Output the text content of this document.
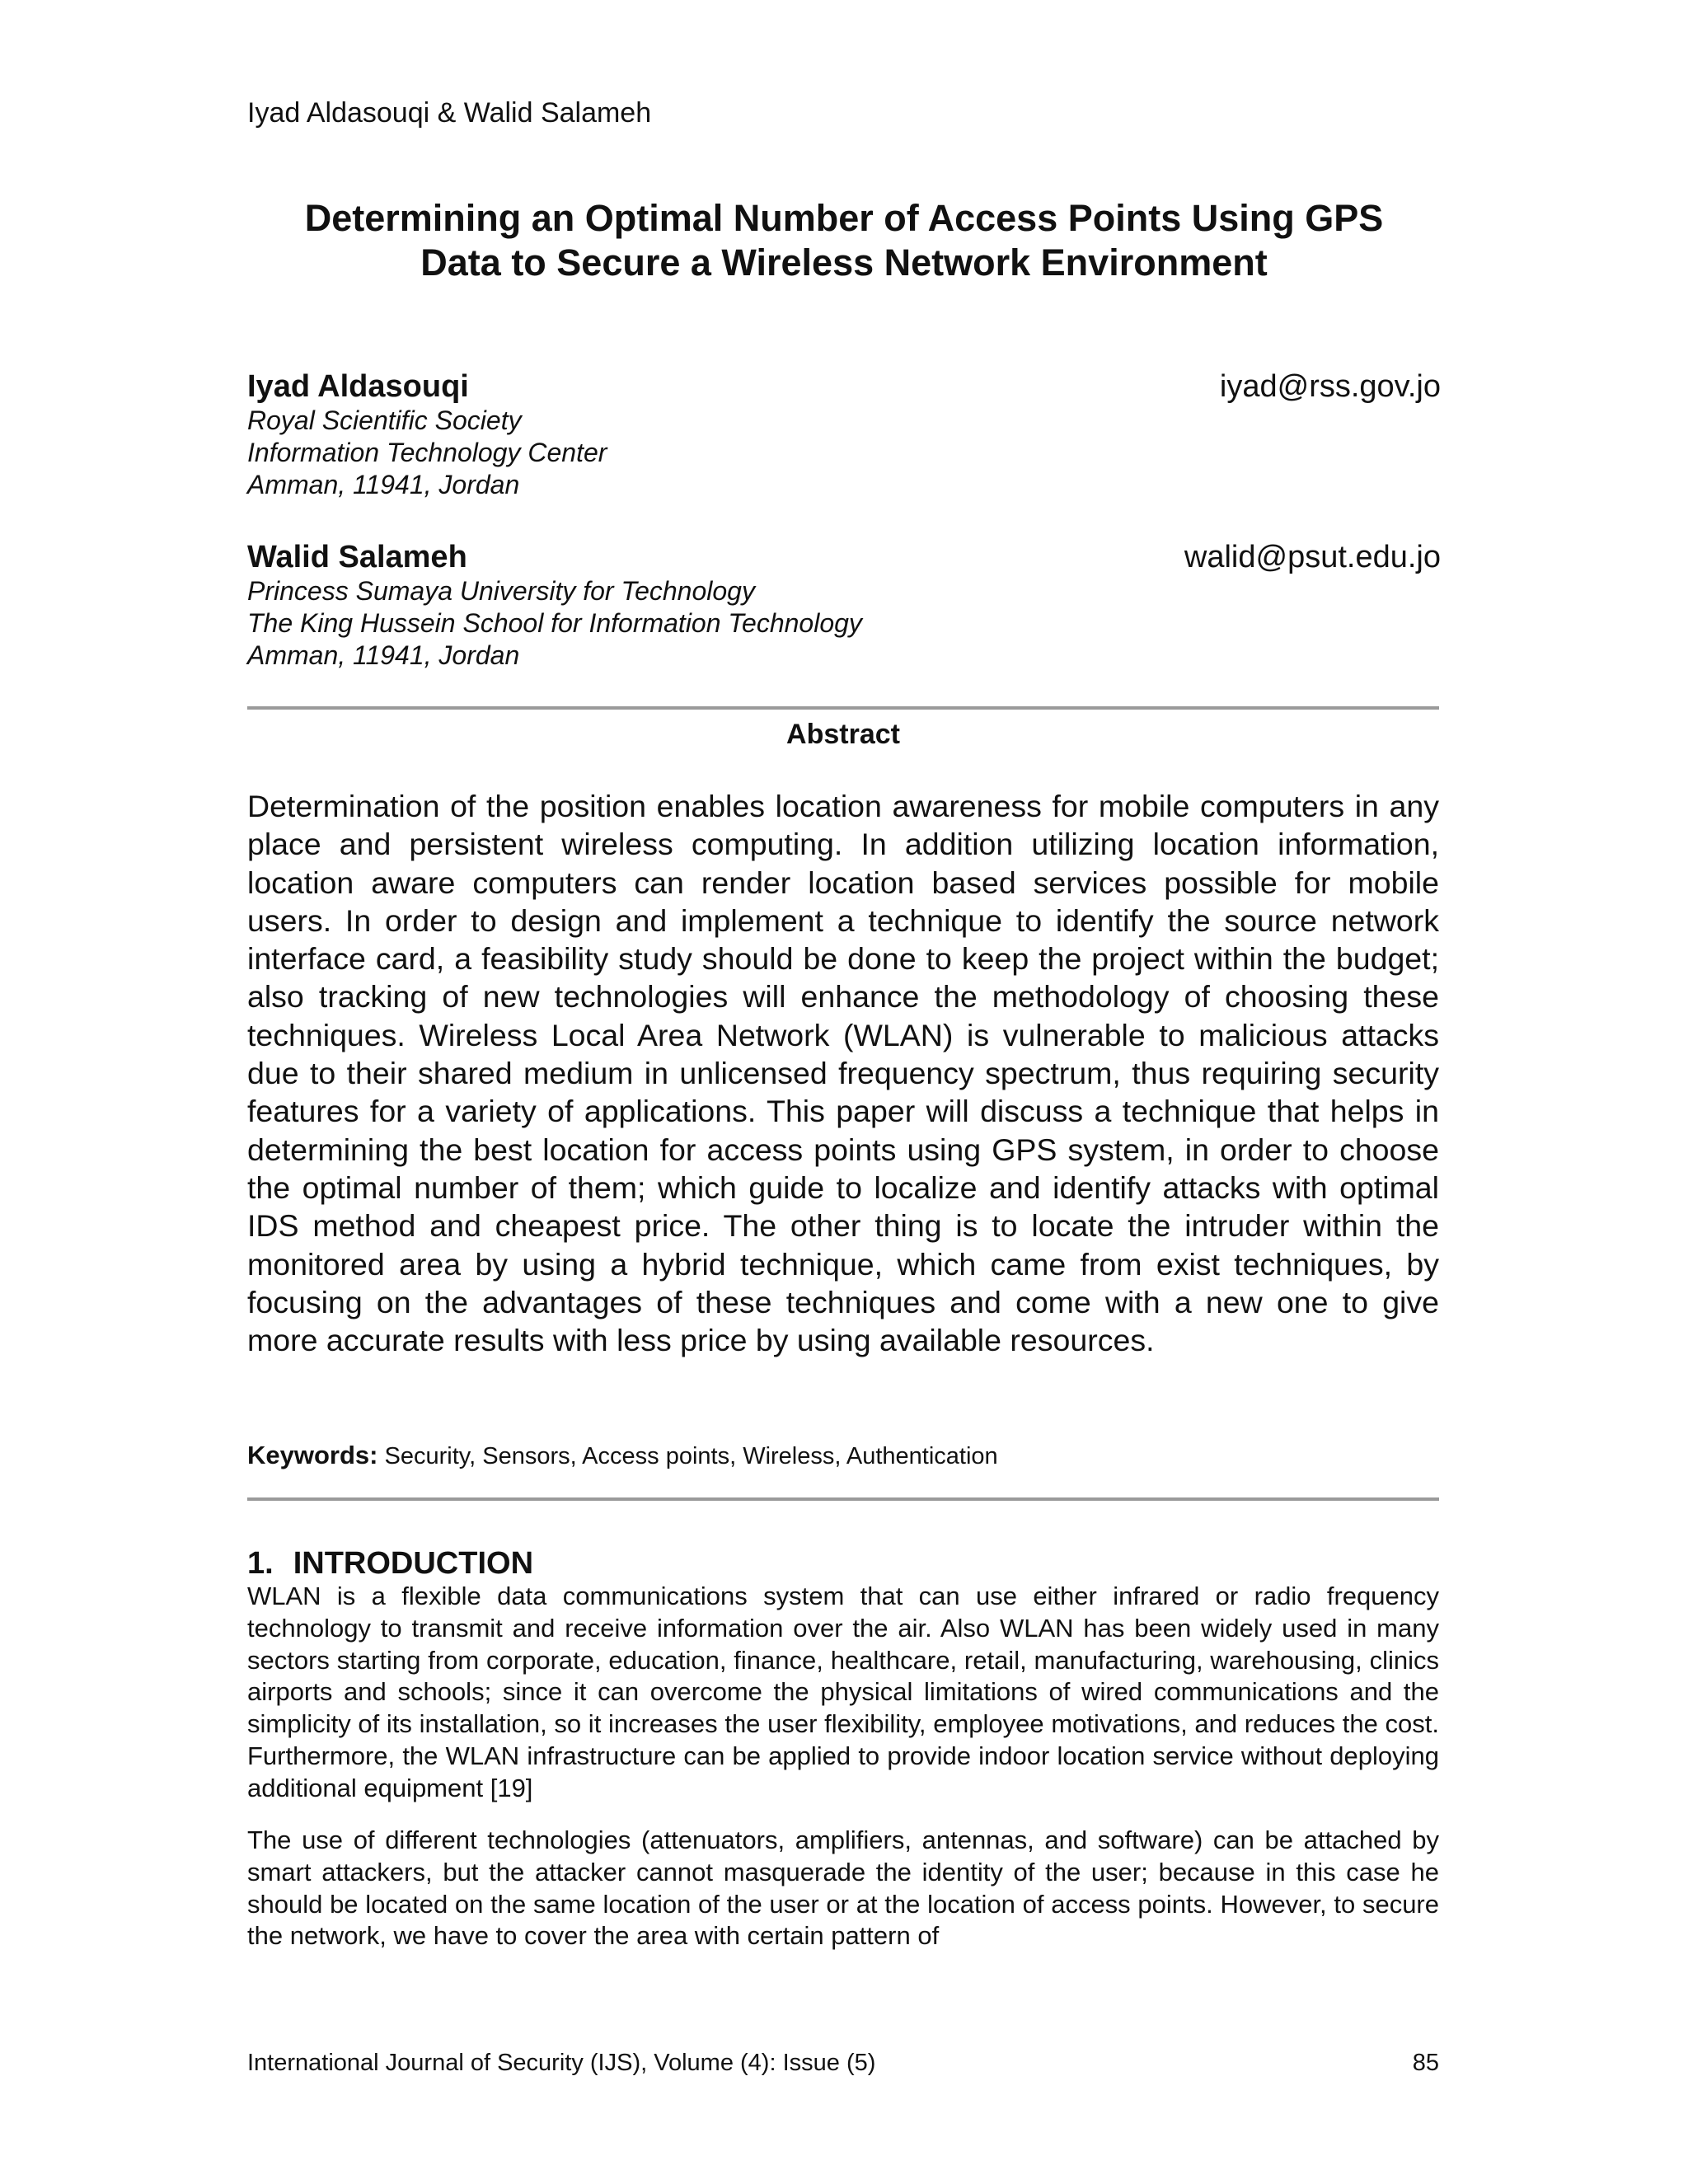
Iyad Aldasouqi & Walid Salameh
Determining an Optimal Number of Access Points Using GPS
Data to Secure a Wireless Network Environment
Iyad Aldasouqi	iyad@rss.gov.jo
Royal Scientific Society
Information Technology Center
Amman, 11941, Jordan
Walid Salameh	walid@psut.edu.jo
Princess Sumaya University for Technology
The King Hussein School for Information Technology
Amman, 11941, Jordan
Abstract
Determination of the position enables location awareness for mobile computers in any place and persistent wireless computing. In addition utilizing location information, location aware computers can render location based services possible for mobile users. In order to design and implement a technique to identify the source network interface card, a feasibility study should be done to keep the project within the budget; also tracking of new technologies will enhance the methodology of choosing these techniques. Wireless Local Area Network (WLAN) is vulnerable to malicious attacks due to their shared medium in unlicensed frequency spectrum, thus requiring security features for a variety of applications. This paper will discuss a technique that helps in determining the best location for access points using GPS system, in order to choose the optimal number of them; which guide to localize and identify attacks with optimal IDS method and cheapest price. The other thing is to locate the intruder within the monitored area by using a hybrid technique, which came from exist techniques, by focusing on the advantages of these techniques and come with a new one to give more accurate results with less price by using available resources.
Keywords: Security, Sensors, Access points, Wireless, Authentication
1. INTRODUCTION
WLAN is a flexible data communications system that can use either infrared or radio frequency technology to transmit and receive information over the air. Also WLAN has been widely used in many sectors starting from corporate, education, finance, healthcare, retail, manufacturing, warehousing, clinics airports and schools; since it can overcome the physical limitations of wired communications and the simplicity of its installation, so it increases the user flexibility, employee motivations, and reduces the cost. Furthermore, the WLAN infrastructure can be applied to provide indoor location service without deploying additional equipment [19]
The use of different technologies (attenuators, amplifiers, antennas, and software) can be attached by smart attackers, but the attacker cannot masquerade the identity of the user; because in this case he should be located on the same location of the user or at the location of access points. However, to secure the network, we have to cover the area with certain pattern of
International Journal of Security (IJS), Volume (4): Issue (5)	85
